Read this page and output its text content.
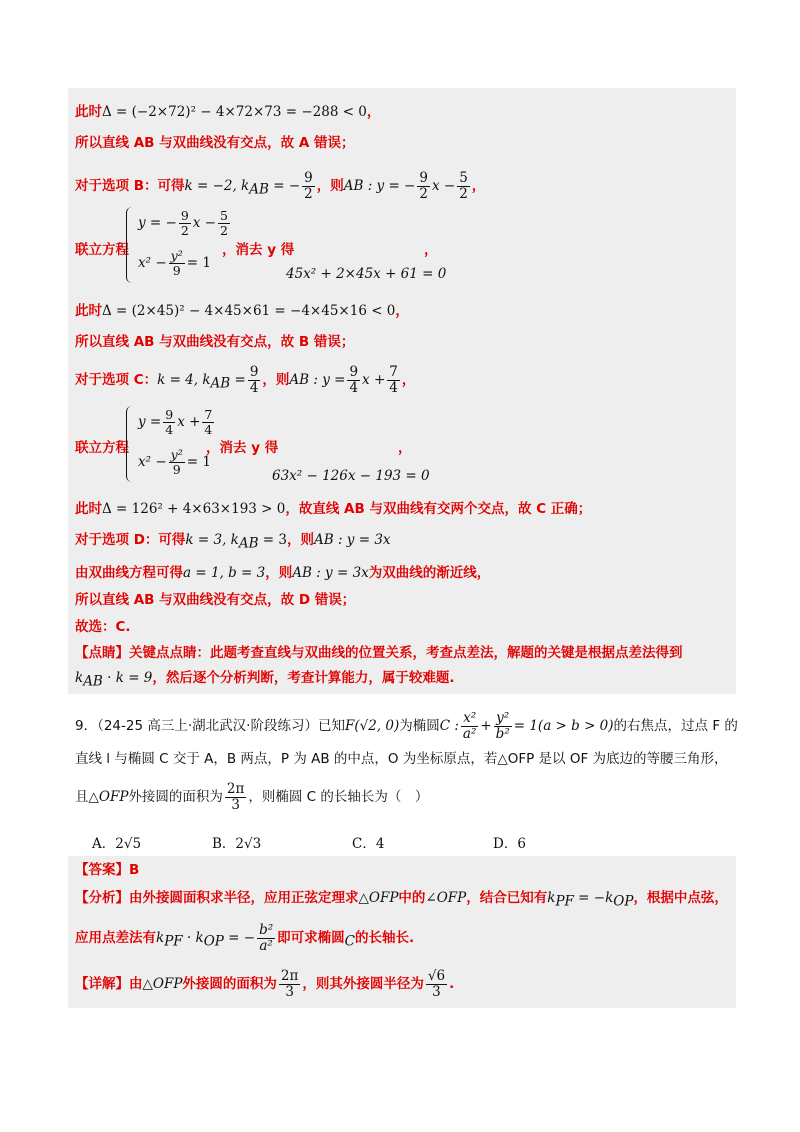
此时Δ = (−2×72)² − 4×72×73 = −288 < 0，
所以直线 AB 与双曲线没有交点，故 A 错误；
对于选项 B：可得k = −2, $k_{AB}$ = − $\frac{9}{2}$ ，则AB : y = − $\frac{9}{2}$ $x - \frac{5}{2}$ ，
联立方程
y = − $\frac{9}{2}$ $x - \frac{5}{2}$
$x^2 - \frac{\text{y²}}{9} = 1$
，消去 y 得	，
45x² + 2×45x + 61 = 0
此时Δ = (2×45)² − 4×45×61 = −4×45×16 < 0，
所以直线 AB 与双曲线没有交点，故 B 错误；
对于选项 C：k = 4, $k_{AB} = \frac{9}{4}$ ，则AB : $y = \frac{9}{4}$ $x + \frac{7}{4}$ ，
联立方程
$y = \frac{9}{4}$ $x + \frac{7}{4}$
$x^2 - \frac{\text{y²}}{9} = 1$
，消去 y 得	，
63x² − 126x − 193 = 0
此时Δ = 126² + 4×63×193 > 0，故直线 AB 与双曲线有交两个交点，故 C 正确；
对于选项 D：可得k = 3, $k_{AB} = 3$，则AB : y = 3x
由双曲线方程可得a = 1, b = 3，则AB : y = 3x为双曲线的渐近线，
所以直线 AB 与双曲线没有交点，故 D 错误；
故选：C.
【点睛】关键点点睛：此题考查直线与双曲线的位置关系，考查点差法，解题的关键是根据点差法得到
$k_{AB} \cdot k = 9$，然后逐个分析判断，考查计算能力，属于较难题.
9．（24-25 高三上·湖北武汉·阶段练习）已知F(√2, 0)为椭圆C : $\frac{\text{x²}}{\text{a²}} + \frac{\text{y²}}{\text{b²}} = 1(a > b > 0)$的右焦点，过点 F 的
直线 l 与椭圆 C 交于 A，B 两点，P 为 AB 的中点，O 为坐标原点，若△OFP 是以 OF 为底边的等腰三角形，
且△OFP外接圆的面积为 $\frac{2\pi}{3}$ ，则椭圆 C 的长轴长为（　）
A．2√5	B．2√3	C．4	D．6
【答案】B
【分析】由外接圆面积求半径，应用正弦定理求△OFP中的∠OFP，结合已知有$k_{PF} = -k_{OP}$，根据中点弦，
应用点差法有$k_{PF} \cdot k_{OP}$ = − $\frac{\text{b²}}{\text{a²}}$ 即可求椭圆$_C$的长轴长.
【详解】由△OFP外接圆的面积为 $\frac{2\pi}{3}$ ，则其外接圆半径为 $\frac{√6}{3}$ .
